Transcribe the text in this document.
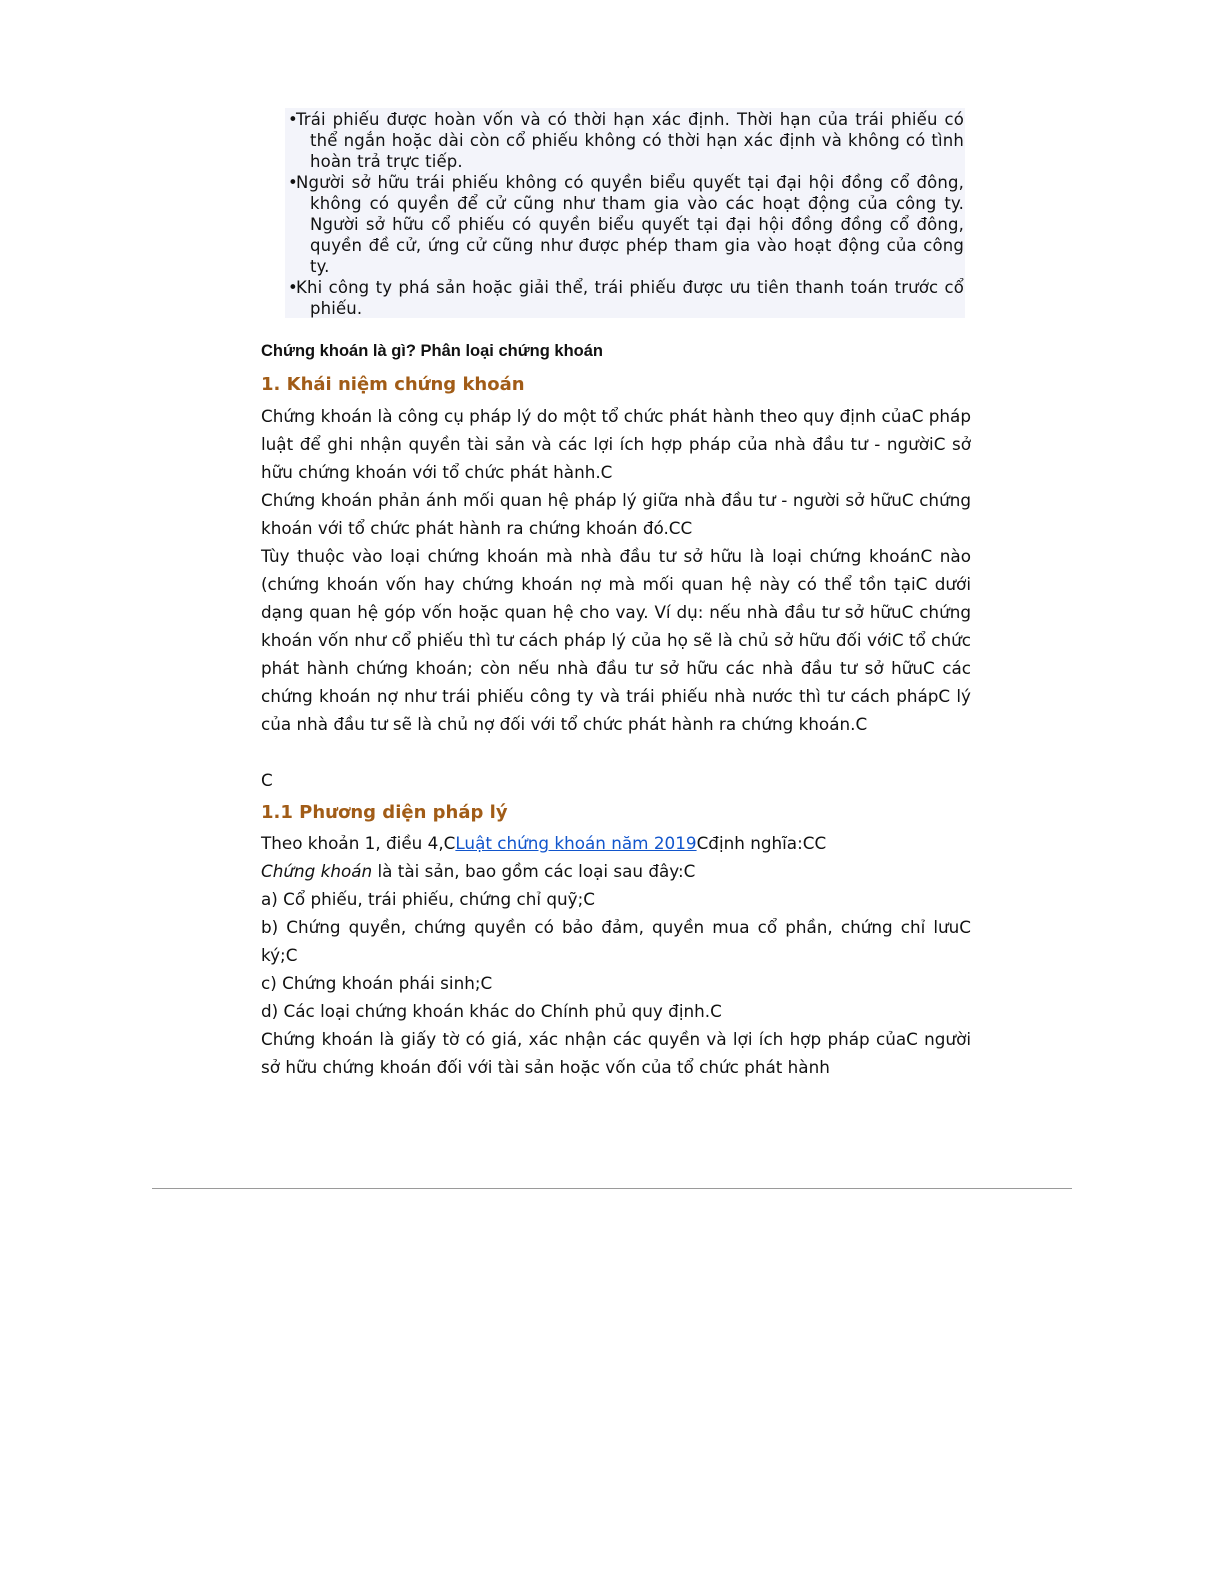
•Trái phiếu được hoàn vốn và có thời hạn xác định. Thời hạn của trái phiếu có thể ngắn hoặc dài còn cổ phiếu không có thời hạn xác định và không có tình hoàn trả trực tiếp.

•Người sở hữu trái phiếu không có quyền biểu quyết tại đại hội đồng cổ đông, không có quyền để cử cũng như tham gia vào các hoạt động của công ty. Người sở hữu cổ phiếu có quyền biểu quyết tại đại hội đồng đồng cổ đông, quyền đề cử, ứng cử cũng như được phép tham gia vào hoạt động của công ty.

•Khi công ty phá sản hoặc giải thể, trái phiếu được ưu tiên thanh toán trước cổ phiếu.

Chứng khoán là gì? Phân loại chứng khoán
1. Khái niệm chứng khoán

Chứng khoán là công cụ pháp lý do một tổ chức phát hành theo quy định củaC pháp luật để ghi nhận quyền tài sản và các lợi ích hợp pháp của nhà đầu tư - ngườiC sở hữu chứng khoán với tổ chức phát hành.C

Chứng khoán phản ánh mối quan hệ pháp lý giữa nhà đầu tư - người sở hữuC chứng khoán với tổ chức phát hành ra chứng khoán đó.CC

Tùy thuộc vào loại chứng khoán mà nhà đầu tư sở hữu là loại chứng khoánC nào (chứng khoán vốn hay chứng khoán nợ mà mối quan hệ này có thể tồn tạiC dưới dạng quan hệ góp vốn hoặc quan hệ cho vay. Ví dụ: nếu nhà đầu tư sở hữuC chứng khoán vốn như cổ phiếu thì tư cách pháp lý của họ sẽ là chủ sở hữu đối vớiC tổ chức phát hành chứng khoán; còn nếu nhà đầu tư sở hữu các nhà đầu tư sở hữuC các chứng khoán nợ như trái phiếu công ty và trái phiếu nhà nước thì tư cách phápC lý của nhà đầu tư sẽ là chủ nợ đối với tổ chức phát hành ra chứng khoán.C

C

1.1 Phương diện pháp lý

Theo khoản 1, điều 4,CLuật chứng khoán năm 2019Cđịnh nghĩa:CC

Chứng khoán là tài sản, bao gồm các loại sau đây:C

a) Cổ phiếu, trái phiếu, chứng chỉ quỹ;C

b) Chứng quyền, chứng quyền có bảo đảm, quyền mua cổ phần, chứng chỉ lưuC ký;C

c) Chứng khoán phái sinh;C

d) Các loại chứng khoán khác do Chính phủ quy định.C

Chứng khoán là giấy tờ có giá, xác nhận các quyền và lợi ích hợp pháp củaC người sở hữu chứng khoán đối với tài sản hoặc vốn của tổ chức phát hành
